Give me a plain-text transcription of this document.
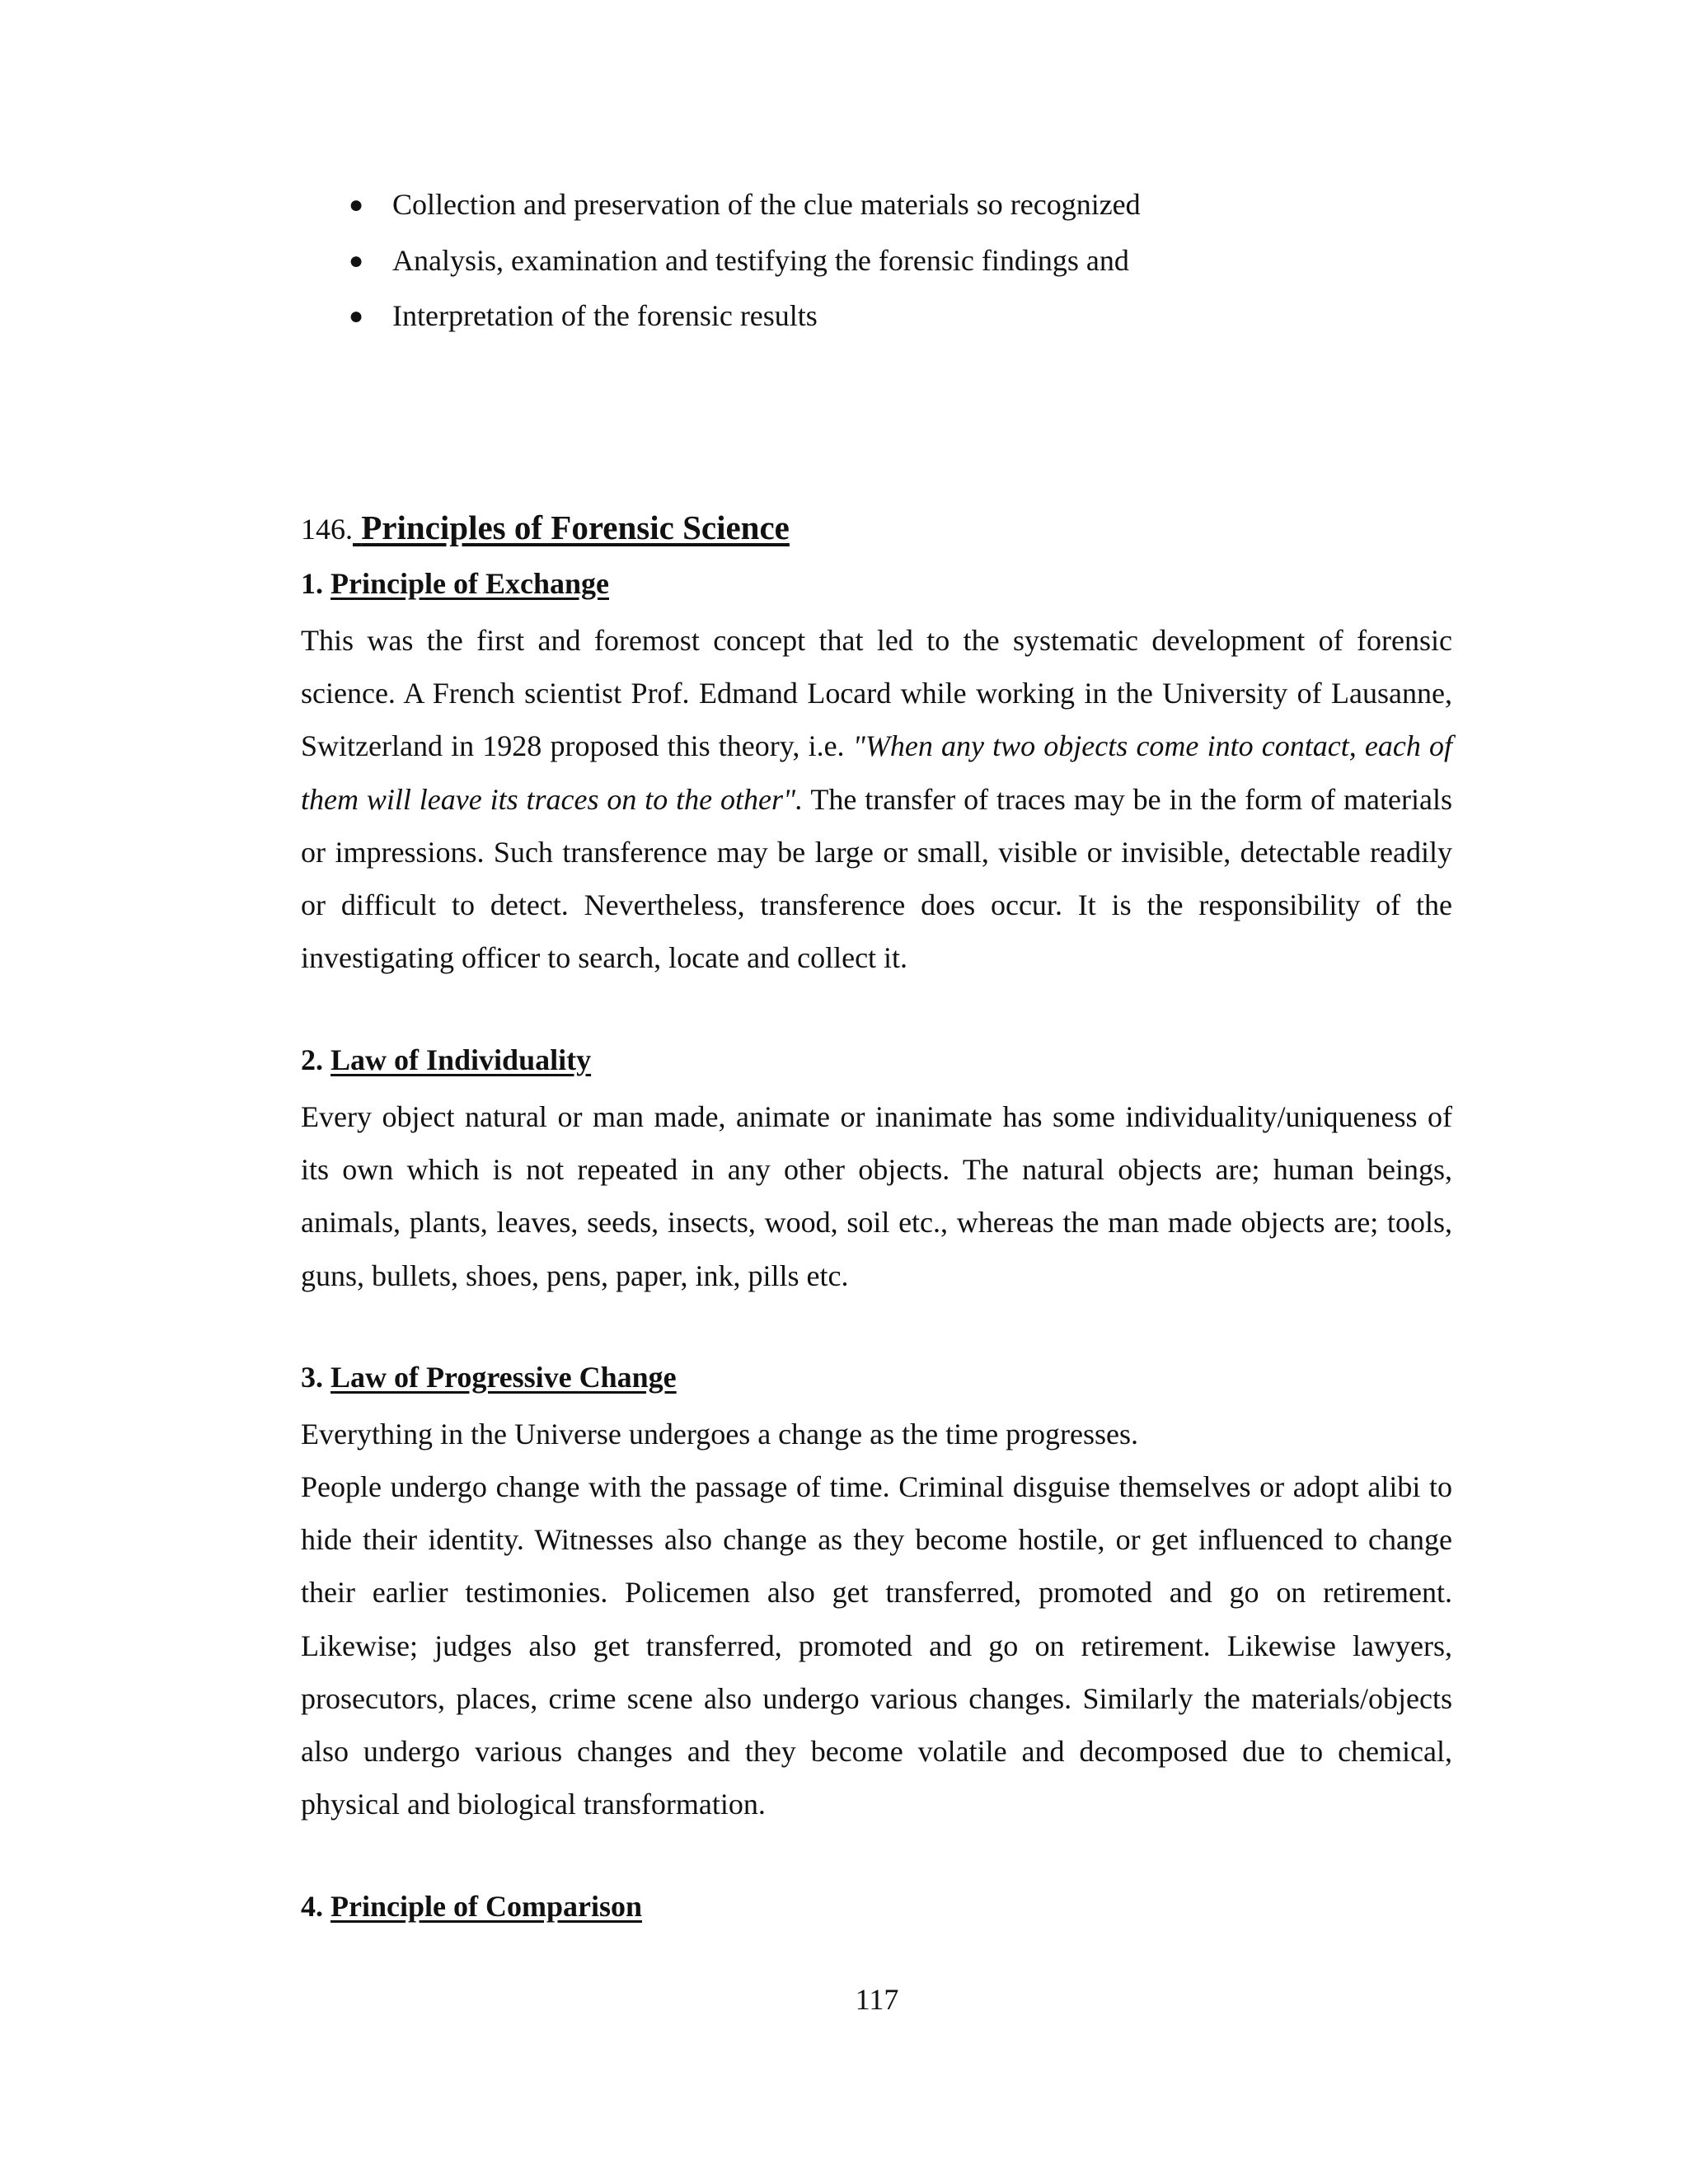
● Collection and preservation of the clue materials so recognized
● Analysis, examination and testifying the forensic findings and
● Interpretation of the forensic results
146. Principles of Forensic Science
1. Principle of Exchange

This was the first and foremost concept that led to the systematic development of forensic science. A French scientist Prof. Edmand Locard while working in the University of Lausanne, Switzerland in 1928 proposed this theory, i.e. "When any two objects come into contact, each of them will leave its traces on to the other". The transfer of traces may be in the form of materials or impressions. Such transference may be large or small, visible or invisible, detectable readily or difficult to detect. Nevertheless, transference does occur. It is the responsibility of the investigating officer to search, locate and collect it.

2. Law of Individuality

Every object natural or man made, animate or inanimate has some individuality/uniqueness of its own which is not repeated in any other objects. The natural objects are; human beings, animals, plants, leaves, seeds, insects, wood, soil etc., whereas the man made objects are; tools, guns, bullets, shoes, pens, paper, ink, pills etc.

3. Law of Progressive Change

Everything in the Universe undergoes a change as the time progresses.

People undergo change with the passage of time. Criminal disguise themselves or adopt alibi to hide their identity. Witnesses also change as they become hostile, or get influenced to change their earlier testimonies. Policemen also get transferred, promoted and go on retirement. Likewise; judges also get transferred, promoted and go on retirement. Likewise lawyers, prosecutors, places, crime scene also undergo various changes. Similarly the materials/objects also undergo various changes and they become volatile and decomposed due to chemical, physical and biological transformation.

4. Principle of Comparison
117
